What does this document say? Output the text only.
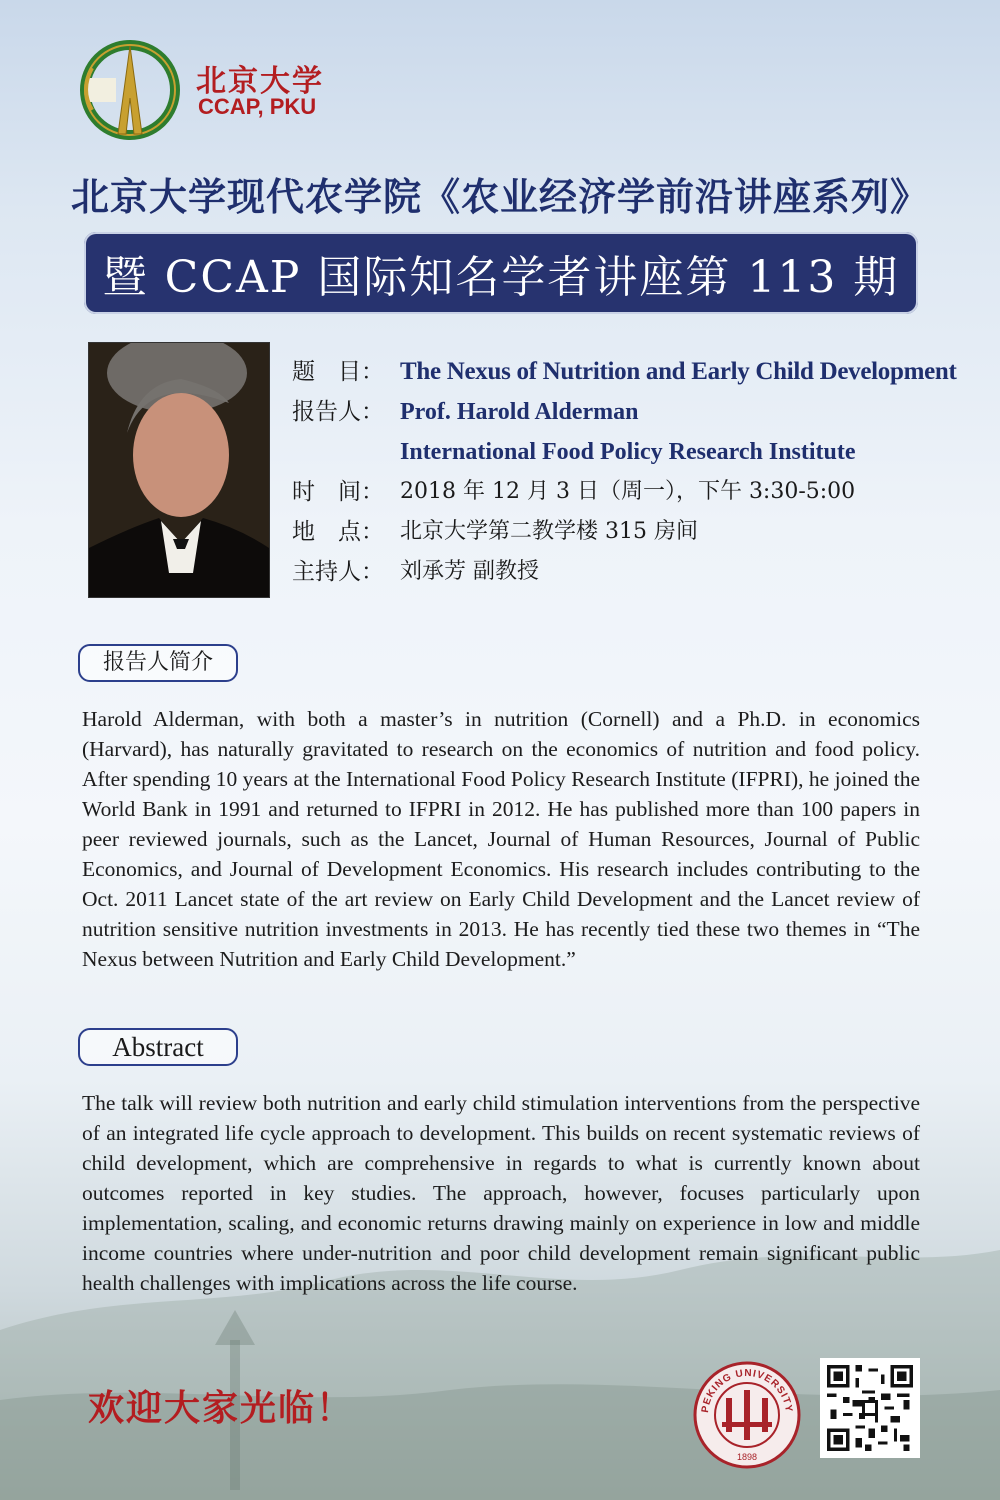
北京大学
CCAP, PKU
北京大学现代农学院《农业经济学前沿讲座系列》
暨 CCAP 国际知名学者讲座第 113 期
题　目： The Nexus of Nutrition and Early Child Development
报告人： Prof. Harold Alderman
International Food Policy Research Institute
时　间： 2018 年 12 月 3 日（周一），下午 3:30-5:00
地　点： 北京大学第二教学楼 315 房间
主持人： 刘承芳 副教授
报告人简介
Harold Alderman, with both a master’s in nutrition (Cornell) and a Ph.D. in economics (Harvard), has naturally gravitated to research on the economics of nutrition and food policy. After spending 10 years at the International Food Policy Research Institute (IFPRI), he joined the World Bank in 1991 and returned to IFPRI in 2012. He has published more than 100 papers in peer reviewed journals, such as the Lancet, Journal of Human Resources, Journal of Public Economics, and Journal of Development Economics. His research includes contributing to the Oct. 2011 Lancet state of the art review on Early Child Development and the Lancet review of nutrition sensitive nutrition investments in 2013. He has recently tied these two themes in “The Nexus between Nutrition and Early Child Development.”
Abstract
The talk will review both nutrition and early child stimulation interventions from the perspective of an integrated life cycle approach to development. This builds on recent systematic reviews of child development, which are comprehensive in regards to what is currently known about outcomes reported in key studies. The approach, however, focuses particularly upon implementation, scaling, and economic returns drawing mainly on experience in low and middle income countries where under-nutrition and poor child development remain significant public health challenges with implications across the life course.
欢迎大家光临！	PEKING UNIVERSITY
1898
